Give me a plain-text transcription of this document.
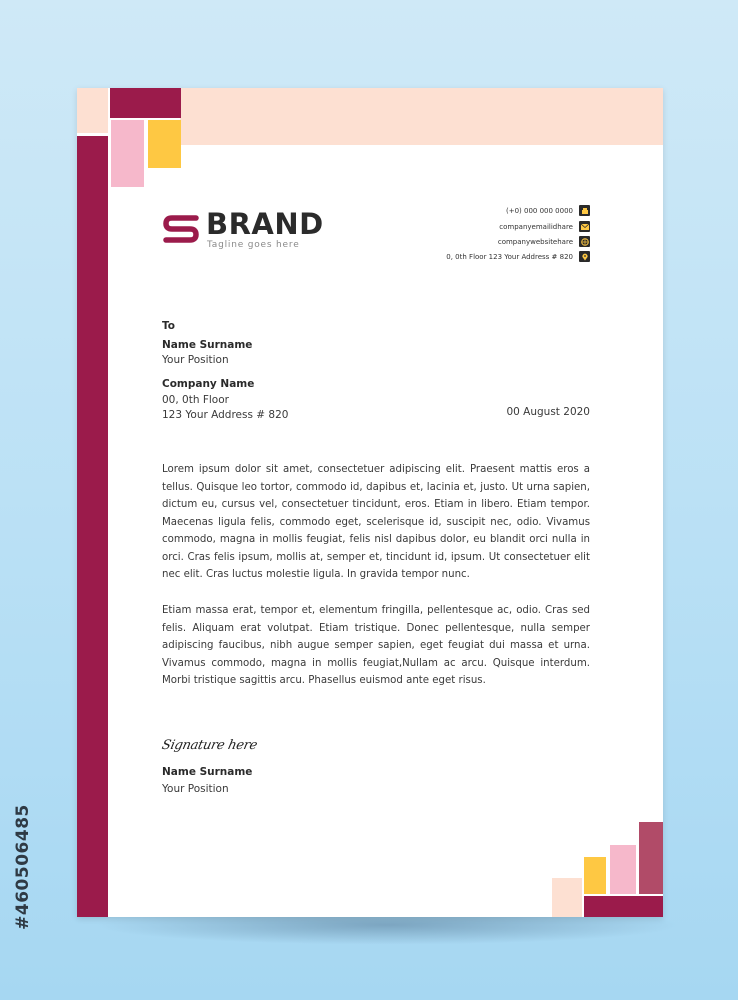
#460506485
BRAND
Tagline goes here
(+0) 000 000 0000
companyemailidhare
companywebsitehare
0, 0th Floor 123 Your Address # 820
To
Name Surname
Your Position
Company Name
00, 0th Floor
123 Your Address # 820	00 August 2020
Lorem ipsum dolor sit amet, consectetuer adipiscing elit. Praesent mattis eros a tellus. Quisque leo tortor, commodo id, dapibus et, lacinia et, justo. Ut urna sapien, dictum eu, cursus vel, consectetuer tincidunt, eros. Etiam in libero. Etiam tempor. Maecenas ligula felis, commodo eget, scelerisque id, suscipit nec, odio. Vivamus commodo, magna in mollis feugiat, felis nisl dapibus dolor, eu blandit orci nulla in orci. Cras felis ipsum, mollis at, semper et, tincidunt id, ipsum. Ut consectetuer elit nec elit. Cras luctus molestie ligula. In gravida tempor nunc.
Etiam massa erat, tempor et, elementum fringilla, pellentesque ac, odio. Cras sed felis. Aliquam erat volutpat. Etiam tristique. Donec pellentesque, nulla semper adipiscing faucibus, nibh augue semper sapien, eget feugiat dui massa et urna. Vivamus commodo, magna in mollis feugiat,Nullam ac arcu. Quisque interdum. Morbi tristique sagittis arcu. Phasellus euismod ante eget risus.
Signature here
Name Surname
Your Position
